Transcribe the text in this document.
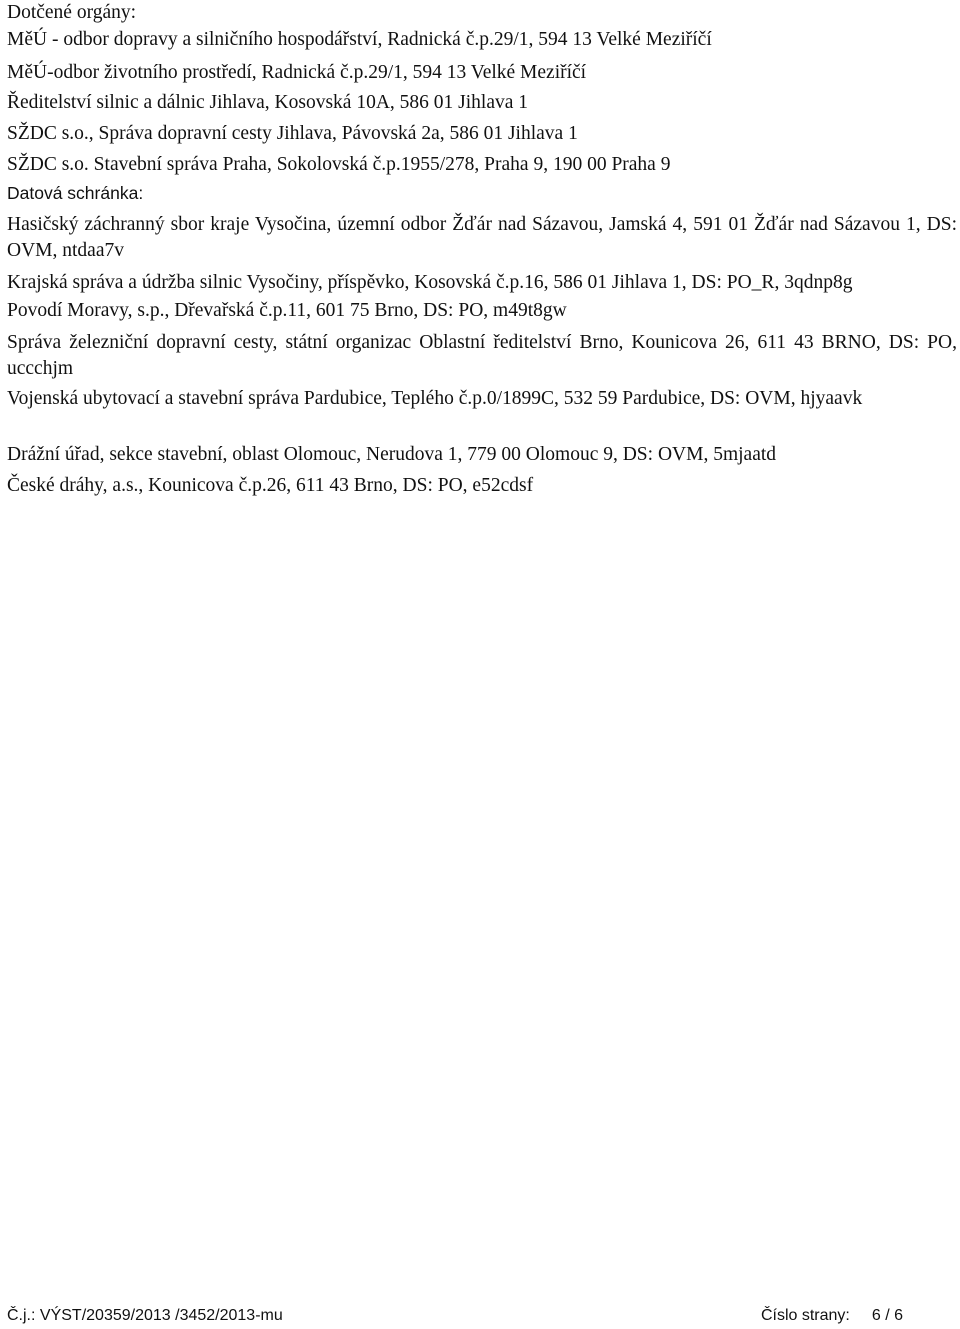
Dotčené orgány:

MěÚ - odbor dopravy a silničního hospodářství, Radnická č.p.29/1, 594 13 Velké Meziříčí

MěÚ-odbor životního prostředí, Radnická č.p.29/1, 594 13 Velké Meziříčí

Ředitelství silnic a dálnic Jihlava, Kosovská 10A, 586 01 Jihlava 1

SŽDC s.o., Správa dopravní cesty Jihlava, Pávovská 2a, 586 01 Jihlava 1

SŽDC s.o. Stavební správa Praha, Sokolovská č.p.1955/278, Praha 9, 190 00 Praha 9

Datová schránka:

Hasičský záchranný sbor kraje Vysočina, územní odbor Žďár nad Sázavou, Jamská 4, 591 01 Žďár nad Sázavou 1, DS: OVM, ntdaa7v

Krajská správa a údržba silnic Vysočiny, příspěvko, Kosovská č.p.16, 586 01 Jihlava 1, DS: PO_R, 3qdnp8g

Povodí Moravy, s.p., Dřevařská č.p.11, 601 75 Brno, DS: PO, m49t8gw

Správa železniční dopravní cesty, státní organizac Oblastní ředitelství Brno, Kounicova 26, 611 43 BRNO, DS: PO, uccchjm

Vojenská ubytovací a stavební správa Pardubice, Teplého č.p.0/1899C, 532 59 Pardubice, DS: OVM, hjyaavk

Drážní úřad, sekce stavební, oblast Olomouc, Nerudova 1, 779 00 Olomouc 9, DS: OVM, 5mjaatd

České dráhy, a.s., Kounicova č.p.26, 611 43 Brno, DS: PO, e52cdsf

Č.j.: VÝST/20359/2013 /3452/2013-mu	Číslo strany: 6 / 6
